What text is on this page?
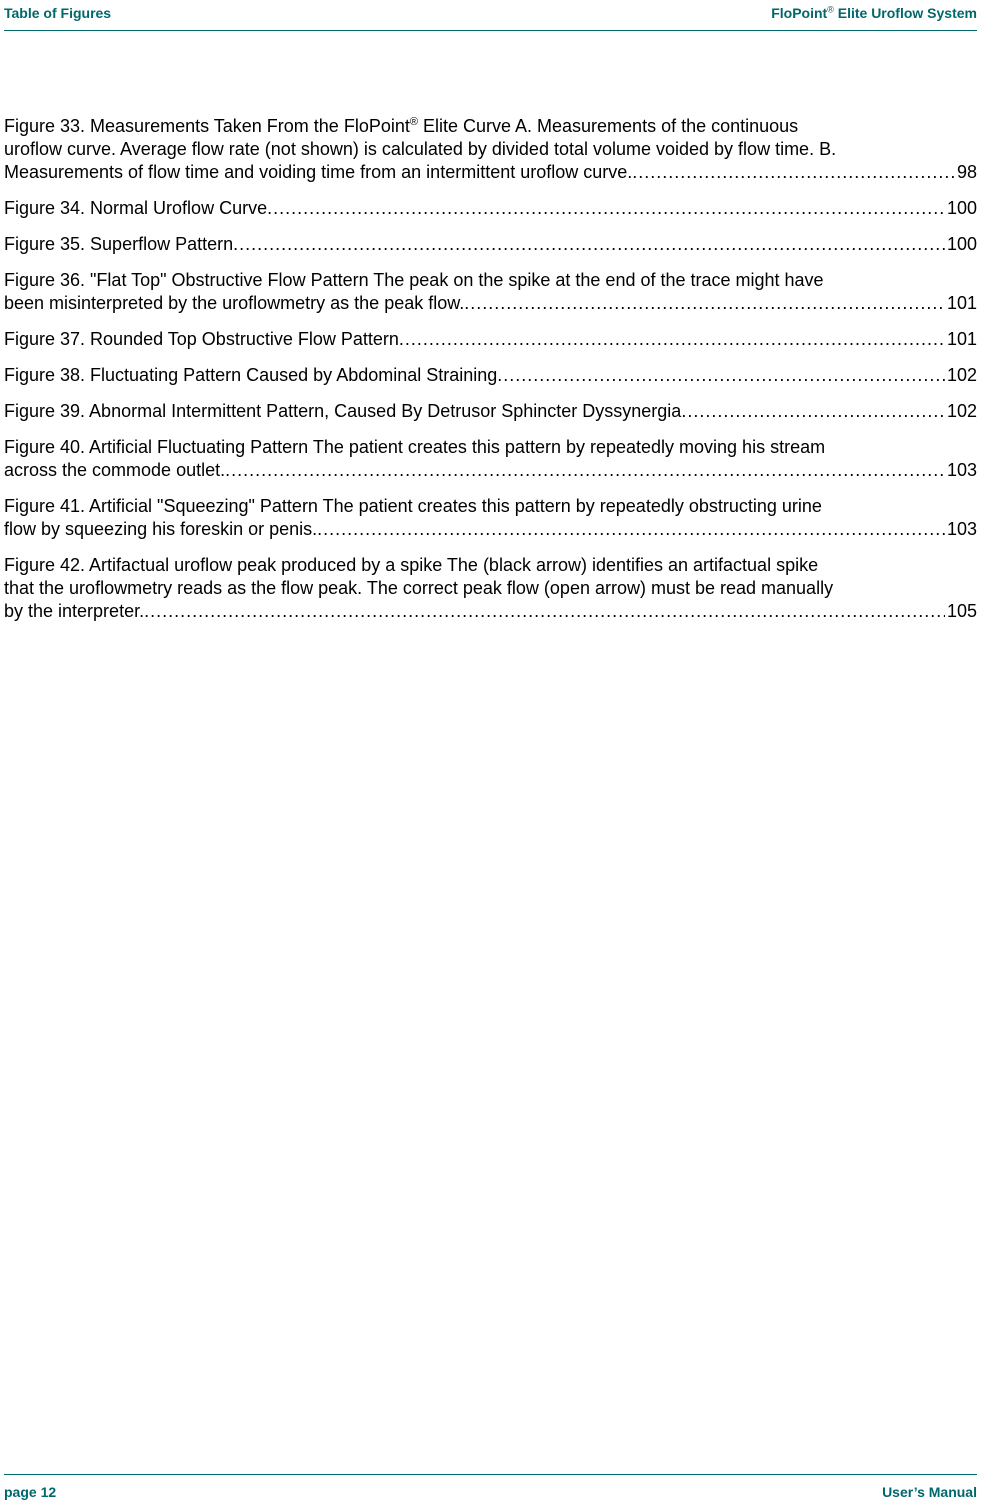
Table of Figures	FloPoint® Elite Uroflow System
Figure 33. Measurements Taken From the FloPoint® Elite Curve A. Measurements of the continuous
uroflow curve. Average flow rate (not shown) is calculated by divided total volume voided by flow time. B.
Measurements of flow time and voiding time from an intermittent uroflow curve. .....	98
Figure 34. Normal Uroflow Curve .....	100
Figure 35. Superflow Pattern .....	100
Figure 36. "Flat Top" Obstructive Flow Pattern The peak on the spike at the end of the trace might have
been misinterpreted by the uroflowmetry as the peak flow. .....	101
Figure 37. Rounded Top Obstructive Flow Pattern .....	101
Figure 38. Fluctuating Pattern Caused by Abdominal Straining .....	102
Figure 39. Abnormal Intermittent Pattern, Caused By Detrusor Sphincter Dyssynergia .....	102
Figure 40. Artificial Fluctuating Pattern The patient creates this pattern by repeatedly moving his stream
across the commode outlet. .....	103
Figure 41. Artificial "Squeezing" Pattern The patient creates this pattern by repeatedly obstructing urine
flow by squeezing his foreskin or penis. .....	103
Figure 42. Artifactual uroflow peak produced by a spike The (black arrow) identifies an artifactual spike
that the uroflowmetry reads as the flow peak. The correct peak flow (open arrow) must be read manually
by the interpreter. .....	105
page 12	User’s Manual
